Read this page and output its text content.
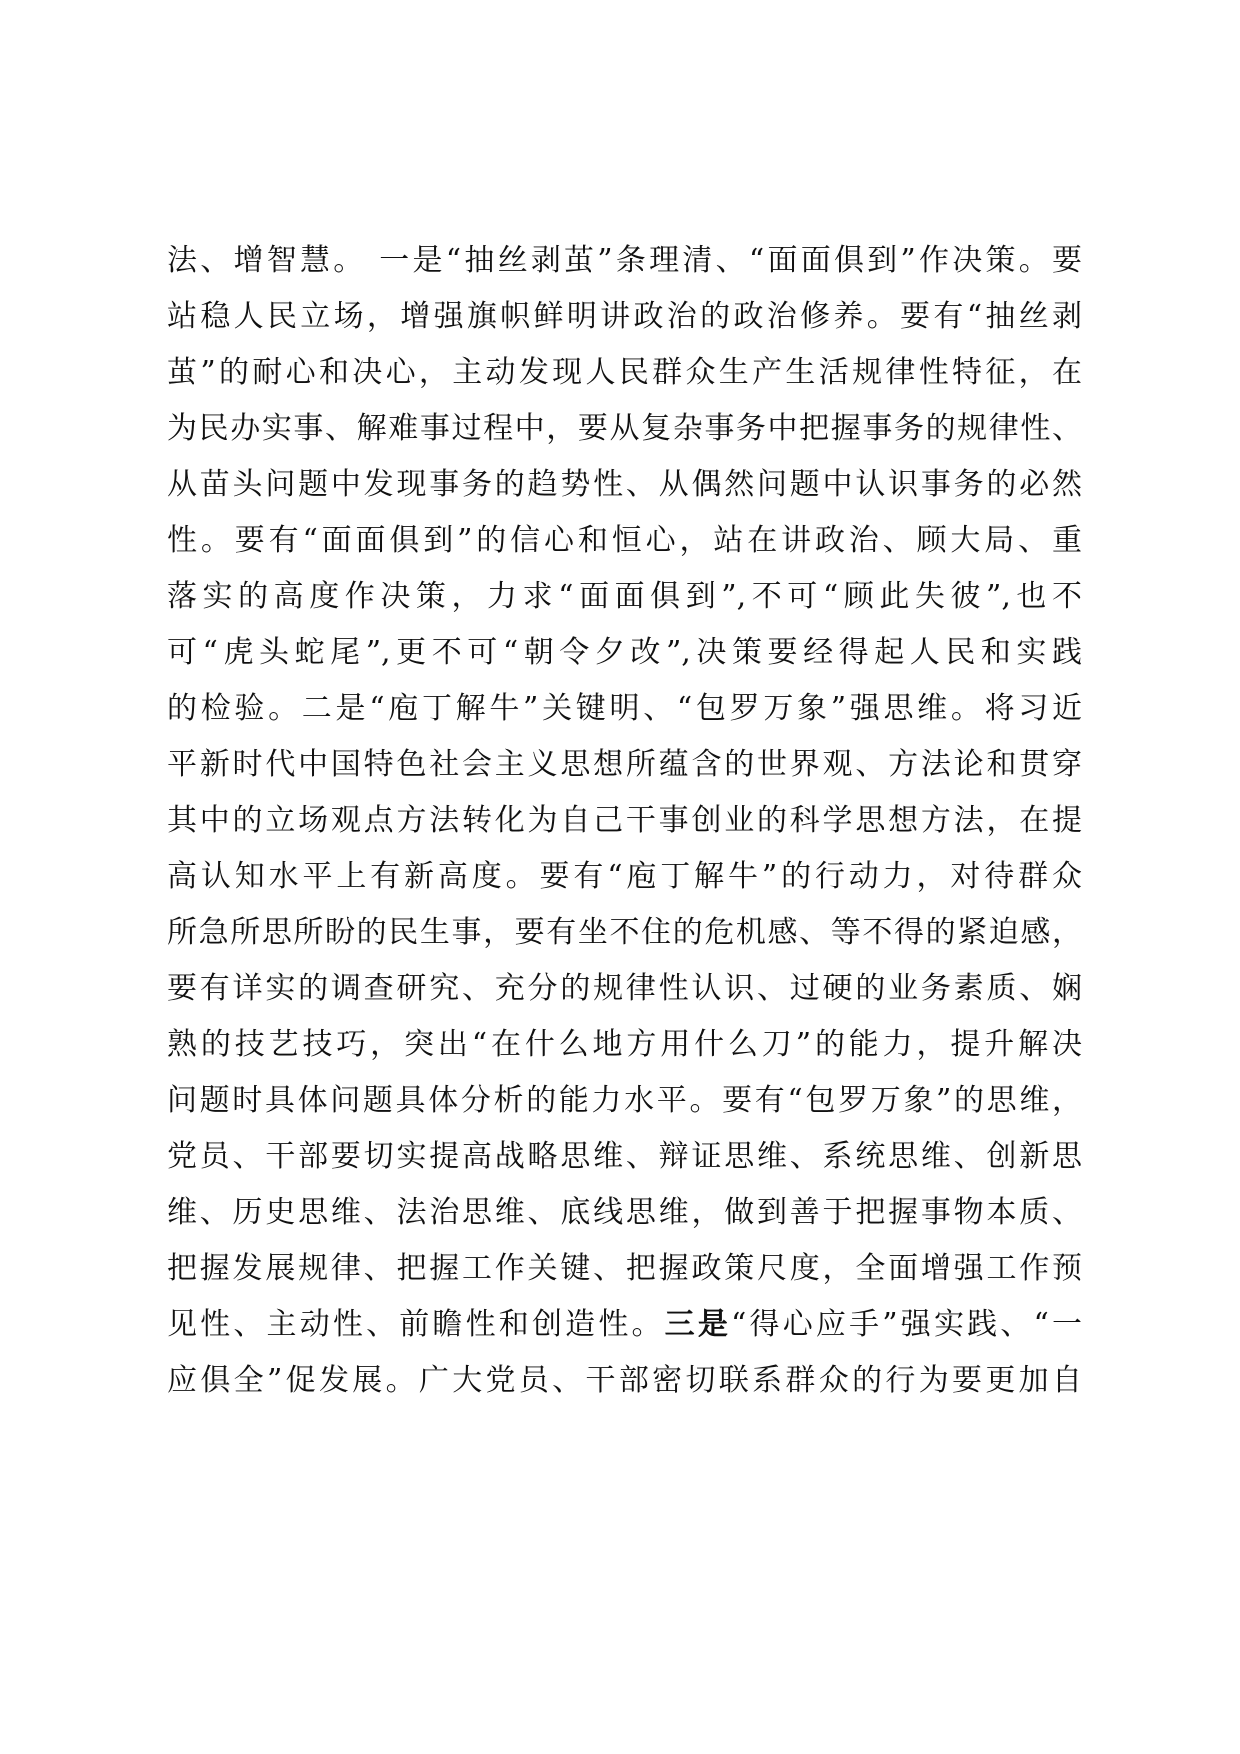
法、增智慧。 一是“抽丝剥茧”条理清、“面面俱到”作决策。要
站稳人民立场，增强旗帜鲜明讲政治的政治修养。要有“抽丝剥
茧”的耐心和决心，主动发现人民群众生产生活规律性特征，在
为民办实事、解难事过程中，要从复杂事务中把握事务的规律性、
从苗头问题中发现事务的趋势性、从偶然问题中认识事务的必然
性。要有“面面俱到”的信心和恒心，站在讲政治、顾大局、重
落实的高度作决策，力求“面面俱到”,不可“顾此失彼”,也不
可“虎头蛇尾”,更不可“朝令夕改”,决策要经得起人民和实践
的检验。二是“庖丁解牛”关键明、“包罗万象”强思维。将习近
平新时代中国特色社会主义思想所蕴含的世界观、方法论和贯穿
其中的立场观点方法转化为自己干事创业的科学思想方法，在提
高认知水平上有新高度。要有“庖丁解牛”的行动力，对待群众
所急所思所盼的民生事，要有坐不住的危机感、等不得的紧迫感，
要有详实的调查研究、充分的规律性认识、过硬的业务素质、娴
熟的技艺技巧，突出“在什么地方用什么刀”的能力，提升解决
问题时具体问题具体分析的能力水平。要有“包罗万象”的思维，
党员、干部要切实提高战略思维、辩证思维、系统思维、创新思
维、历史思维、法治思维、底线思维，做到善于把握事物本质、
把握发展规律、把握工作关键、把握政策尺度，全面增强工作预
见性、主动性、前瞻性和创造性。三是“得心应手”强实践、“一
应俱全”促发展。广大党员、干部密切联系群众的行为要更加自
